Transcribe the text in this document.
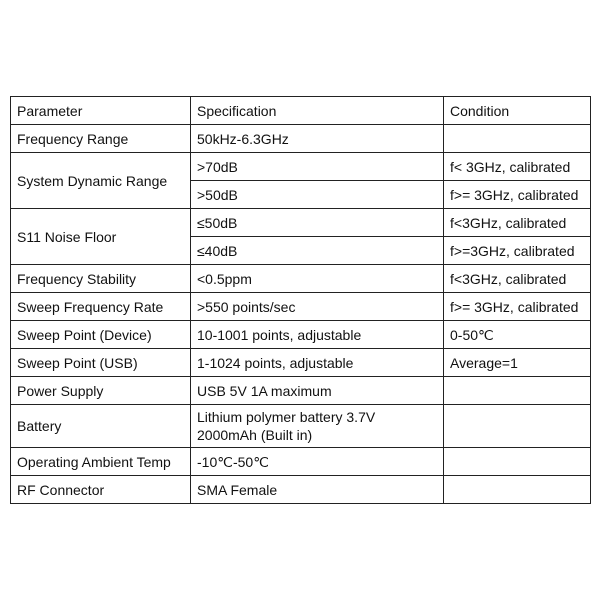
Parameter	Specification	Condition
Frequency Range	50kHz-6.3GHz	
System Dynamic Range	>70dB	f< 3GHz, calibrated
	>50dB	f>= 3GHz, calibrated
S11 Noise Floor	≤50dB	f<3GHz, calibrated
	≤40dB	f>=3GHz, calibrated
Frequency Stability	<0.5ppm	f<3GHz, calibrated
Sweep Frequency Rate	>550 points/sec	f>= 3GHz, calibrated
Sweep Point (Device)	10-1001 points, adjustable	0-50℃
Sweep Point (USB)	1-1024 points, adjustable	Average=1
Power Supply	USB 5V 1A maximum	
Battery	Lithium polymer battery 3.7V 2000mAh (Built in)	
Operating Ambient Temp	-10℃-50℃	
RF Connector	SMA Female	
